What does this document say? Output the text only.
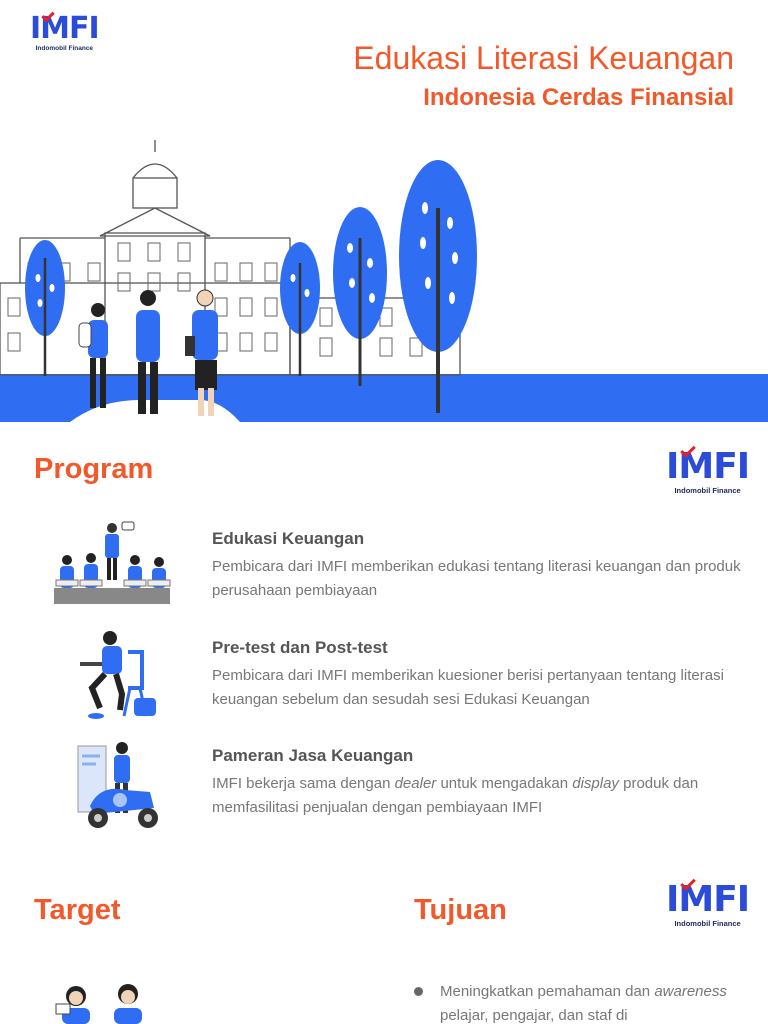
IMFI
Indomobil Finance	Edukasi Literasi Keuangan
Indonesia Cerdas Finansial
Program	IMFI
Indomobil Finance
Edukasi Keuangan
Pembicara dari IMFI memberikan edukasi tentang literasi keuangan dan produk perusahaan pembiayaan
Pre-test dan Post-test
Pembicara dari IMFI memberikan kuesioner berisi pertanyaan tentang literasi keuangan sebelum dan sesudah sesi Edukasi Keuangan
Pameran Jasa Keuangan
IMFI bekerja sama dengan dealer untuk mengadakan display produk dan memfasilitasi penjualan dengan pembiayaan IMFI
Target	Tujuan	IMFI
Indomobil Finance
Meningkatkan pemahaman dan awareness pelajar, pengajar, dan staf di
